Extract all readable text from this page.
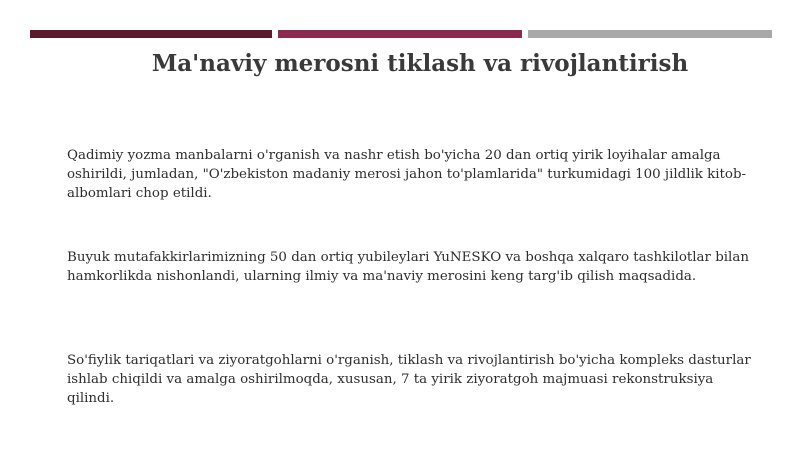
Ma'naviy merosni tiklash va rivojlantirish

Qadimiy yozma manbalarni o'rganish va nashr etish bo'yicha 20 dan ortiq yirik loyihalar amalga oshirildi, jumladan, "O'zbekiston madaniy merosi jahon to'plamlarida" turkumidagi 100 jildlik kitob-albomlari chop etildi.

Buyuk mutafakkirlarimizning 50 dan ortiq yubileylari YuNESKO va boshqa xalqaro tashkilotlar bilan hamkorlikda nishonlandi, ularning ilmiy va ma'naviy merosini keng targ'ib qilish maqsadida.

So'fiylik tariqatlari va ziyoratgohlarni o'rganish, tiklash va rivojlantirish bo'yicha kompleks dasturlar ishlab chiqildi va amalga oshirilmoqda, xususan, 7 ta yirik ziyoratgoh majmuasi rekonstruksiya qilindi.
